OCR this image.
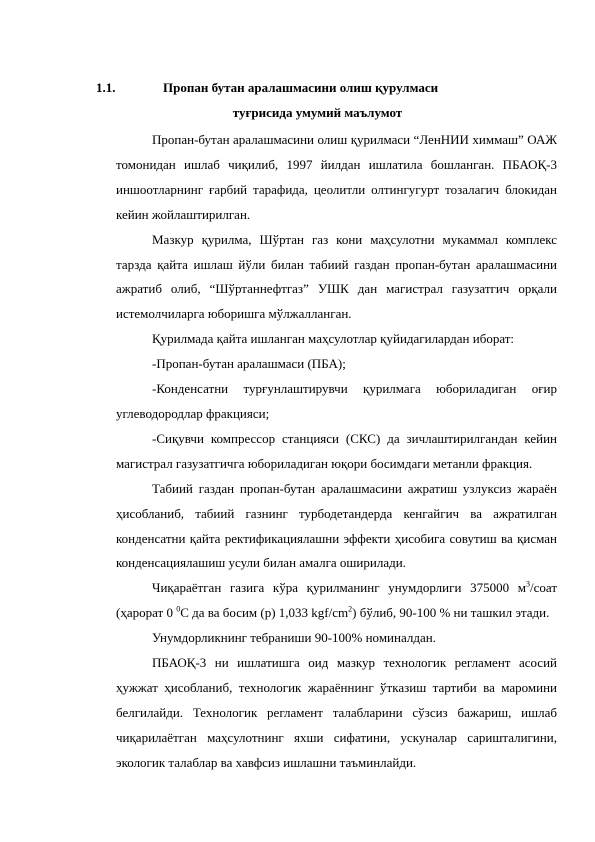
1.1.	Пропан бутан аралашмасини олиш қурулмаси
туғрисида умумий маълумот

Пропан-бутан аралашмасини олиш қурилмаси “ЛенНИИ химмаш” ОАЖ томонидан ишлаб чиқилиб, 1997 йилдан ишлатила бошланган. ПБАОҚ-3 иншоотларнинг ғарбий тарафида, цеолитли олтингугурт тозалагич блокидан кейин жойлаштирилган.

Мазкур қурилма, Шўртан газ кони маҳсулотни мукаммал комплекс тарзда қайта ишлаш йўли билан табиий газдан пропан-бутан аралашмасини ажратиб олиб, “Шўртаннефтгаз” УШК дан магистрал газузатгич орқали истемолчиларга юборишга мўлжалланган.

Қурилмада қайта ишланган маҳсулотлар қуйидагилардан иборат:

-Пропан-бутан аралашмаси (ПБА);

-Конденсатни турғунлаштирувчи қурилмага юбориладиган оғир углеводородлар фракцияси;

-Сиқувчи компрессор станцияси (СКС) да зичлаштирилгандан кейин магистрал газузатгичга юбориладиган юқори босимдаги метанли фракция.

Табиий газдан пропан-бутан аралашмасини ажратиш узлуксиз жараён ҳисобланиб, табиий газнинг турбодетандерда кенгайгич ва ажратилган конденсатни қайта ректификациялашни эффекти ҳисобига совутиш ва қисман конденсациялашиш усули билан амалга оширилади.

Чиқараётган газига кўра қурилманинг унумдорлиги 375000 $м^3$/соат (ҳарорат 0 $^0$С да ва босим (р) 1,033 kgf/$cm^2$) бўлиб, 90-100 % ни ташкил этади.

Унумдорликнинг тебраниши 90-100% номиналдан.

ПБАОҚ-3 ни ишлатишга оид мазкур технологик регламент асосий ҳужжат ҳисобланиб, технологик жараённинг ўтказиш тартиби ва маромини белгилайди. Технологик регламент талабларини сўзсиз бажариш, ишлаб чиқарилаётган маҳсулотнинг яхши сифатини, ускуналар саришталигини, экологик талаблар ва хавфсиз ишлашни таъминлайди.
